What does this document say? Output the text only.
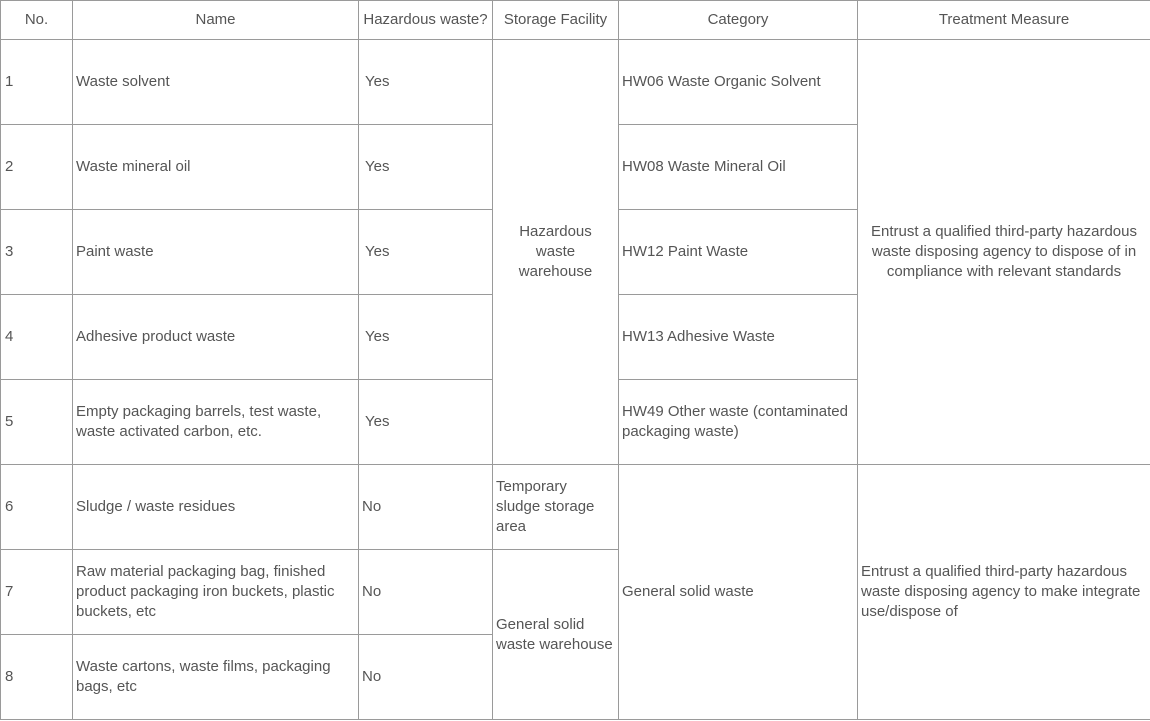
No.	Name	Hazardous waste?	Storage Facility	Category	Treatment Measure
1	Waste solvent	Yes	Hazardous waste warehouse	HW06 Waste Organic Solvent	Entrust a qualified third-party hazardous waste disposing agency to dispose of in compliance with relevant standards
2	Waste mineral oil	Yes		HW08 Waste Mineral Oil	
3	Paint waste	Yes		HW12 Paint Waste	
4	Adhesive product waste	Yes		HW13 Adhesive Waste	
5	Empty packaging barrels, test waste, waste activated carbon, etc.	Yes		HW49 Other waste (contaminated packaging waste)	
6	Sludge / waste residues	No	Temporary sludge storage area	General solid waste	Entrust a qualified third-party hazardous waste disposing agency to make integrate use/dispose of
7	Raw material packaging bag, finished product packaging iron buckets, plastic buckets, etc	No	General solid waste warehouse		
8	Waste cartons, waste films, packaging bags, etc	No			
